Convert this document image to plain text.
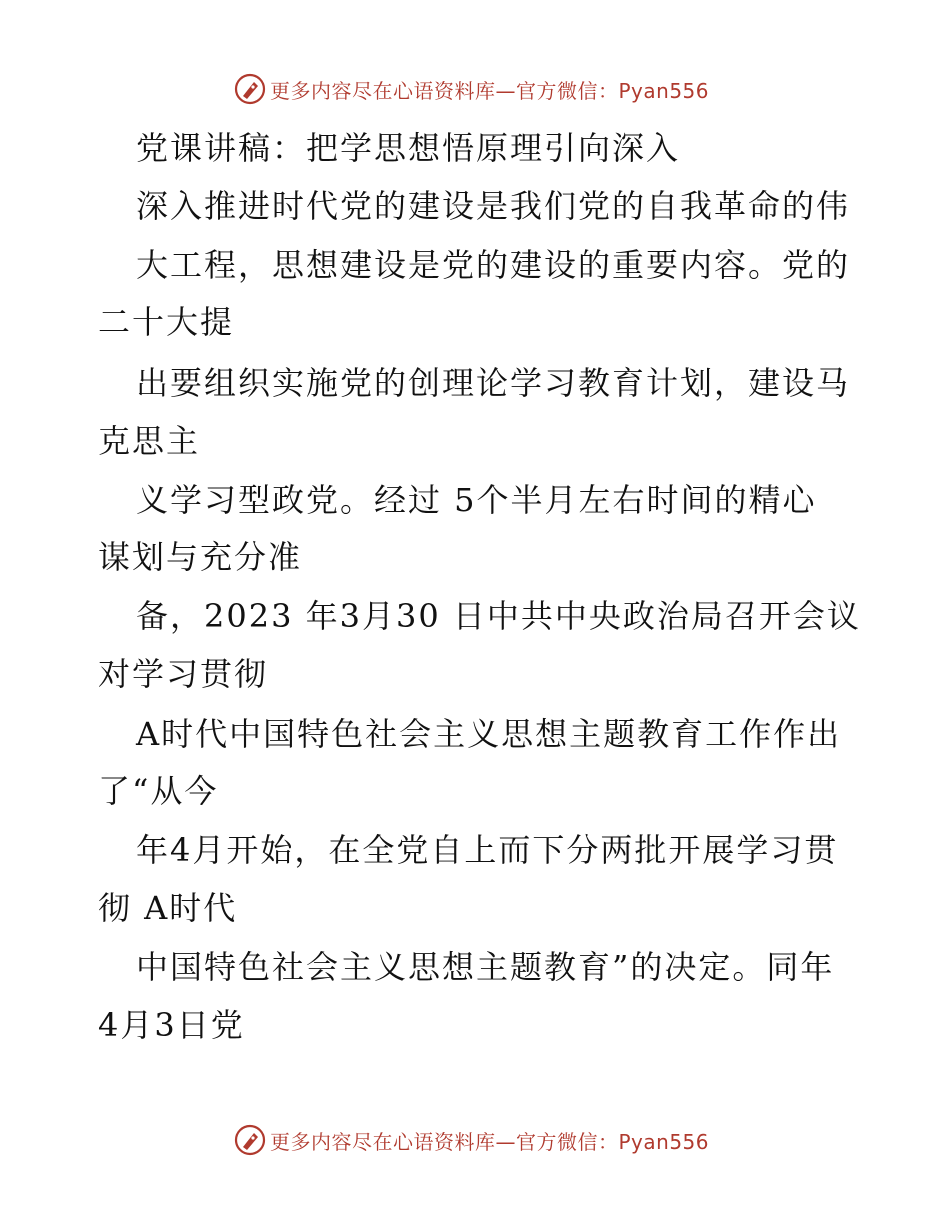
更多内容尽在心语资料库—官方微信：Pyan556
党课讲稿：把学思想悟原理引向深入
深入推进时代党的建设是我们党的自我革命的伟
大工程，思想建设是党的建设的重要内容。党的
二十大提
出要组织实施党的创理论学习教育计划，建设马
克思主
义学习型政党。经过 5个半月左右时间的精心
谋划与充分准
备，2023 年3月30 日中共中央政治局召开会议
对学习贯彻
A时代中国特色社会主义思想主题教育工作作出
了“从今
年4月开始，在全党自上而下分两批开展学习贯
彻 A时代
中国特色社会主义思想主题教育”的决定。同年
4月3日党
更多内容尽在心语资料库—官方微信：Pyan556
